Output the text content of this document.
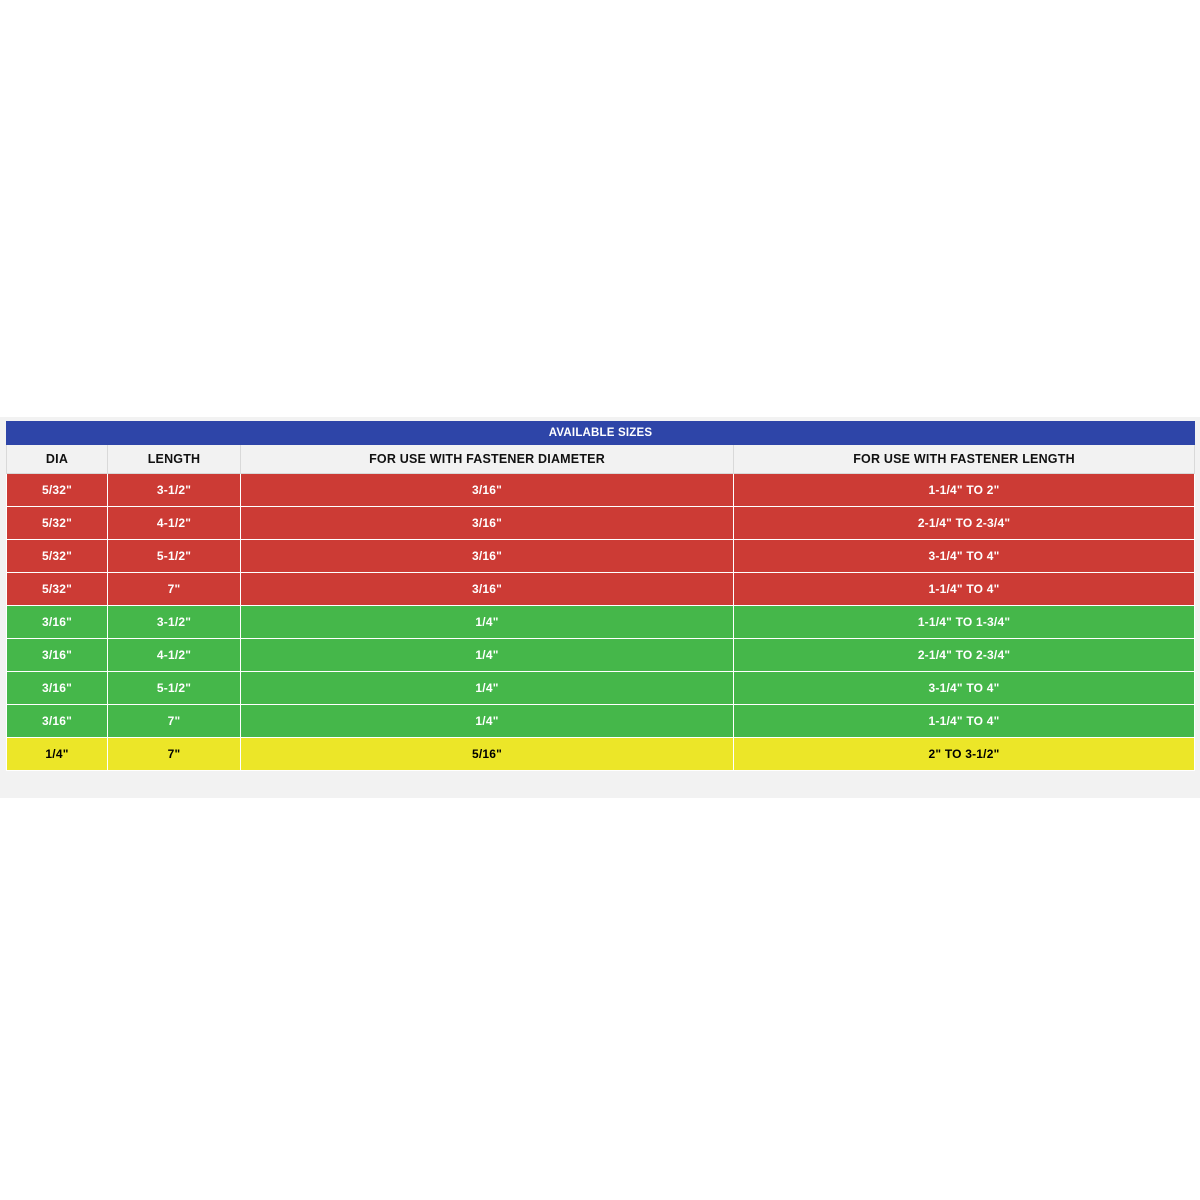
AVAILABLE SIZES			
DIA	LENGTH	FOR USE WITH FASTENER DIAMETER	FOR USE WITH FASTENER LENGTH
5/32"	3-1/2"	3/16"	1-1/4" TO 2"
5/32"	4-1/2"	3/16"	2-1/4" TO 2-3/4"
5/32"	5-1/2"	3/16"	3-1/4" TO 4"
5/32"	7"	3/16"	1-1/4" TO 4"
3/16"	3-1/2"	1/4"	1-1/4" TO 1-3/4"
3/16"	4-1/2"	1/4"	2-1/4" TO 2-3/4"
3/16"	5-1/2"	1/4"	3-1/4" TO 4"
3/16"	7"	1/4"	1-1/4" TO 4"
1/4"	7"	5/16"	2" TO 3-1/2"
